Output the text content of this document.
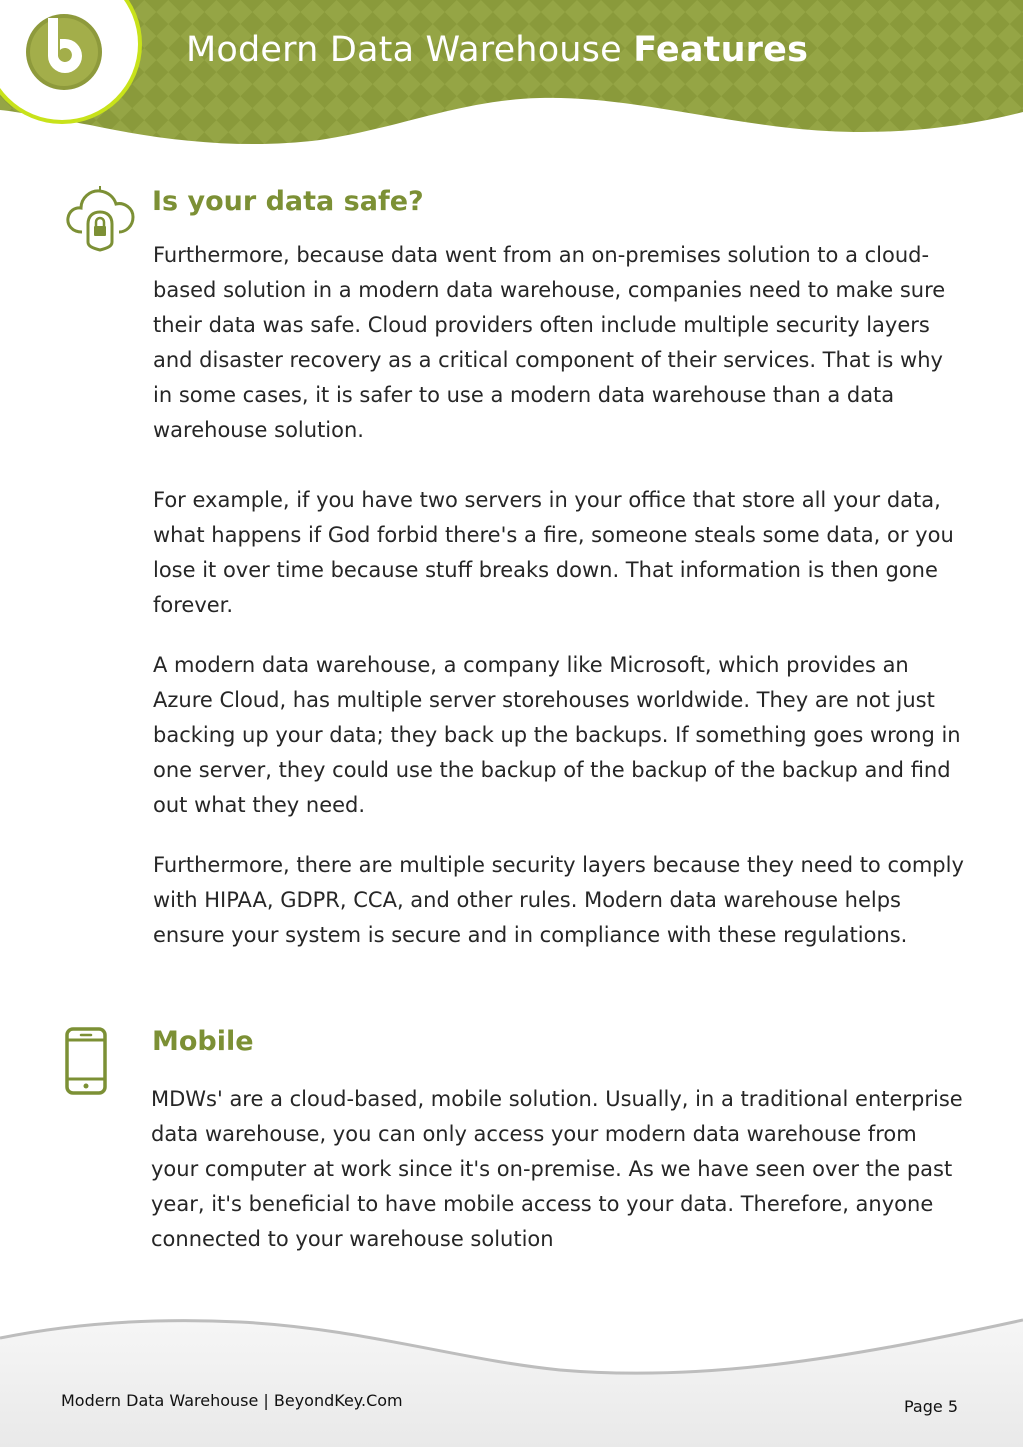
Modern Data Warehouse Features
Is your data safe?

Furthermore, because data went from an on-premises solution to a cloud-based solution in a modern data warehouse, companies need to make sure their data was safe. Cloud providers often include multiple security layers and disaster recovery as a critical component of their services. That is why in some cases, it is safer to use a modern data warehouse than a data warehouse solution.

For example, if you have two servers in your office that store all your data, what happens if God forbid there's a fire, someone steals some data, or you lose it over time because stuff breaks down. That information is then gone forever.

A modern data warehouse, a company like Microsoft, which provides an Azure Cloud, has multiple server storehouses worldwide. They are not just backing up your data; they back up the backups. If something goes wrong in one server, they could use the backup of the backup of the backup and find out what they need.

Furthermore, there are multiple security layers because they need to comply with HIPAA, GDPR, CCA, and other rules. Modern data warehouse helps ensure your system is secure and in compliance with these regulations.

Mobile

MDWs' are a cloud-based, mobile solution. Usually, in a traditional enterprise data warehouse, you can only access your modern data warehouse from your computer at work since it's on-premise. As we have seen over the past year, it's beneficial to have mobile access to your data. Therefore, anyone connected to your warehouse solution

Modern Data Warehouse | BeyondKey.Com	Page 5
